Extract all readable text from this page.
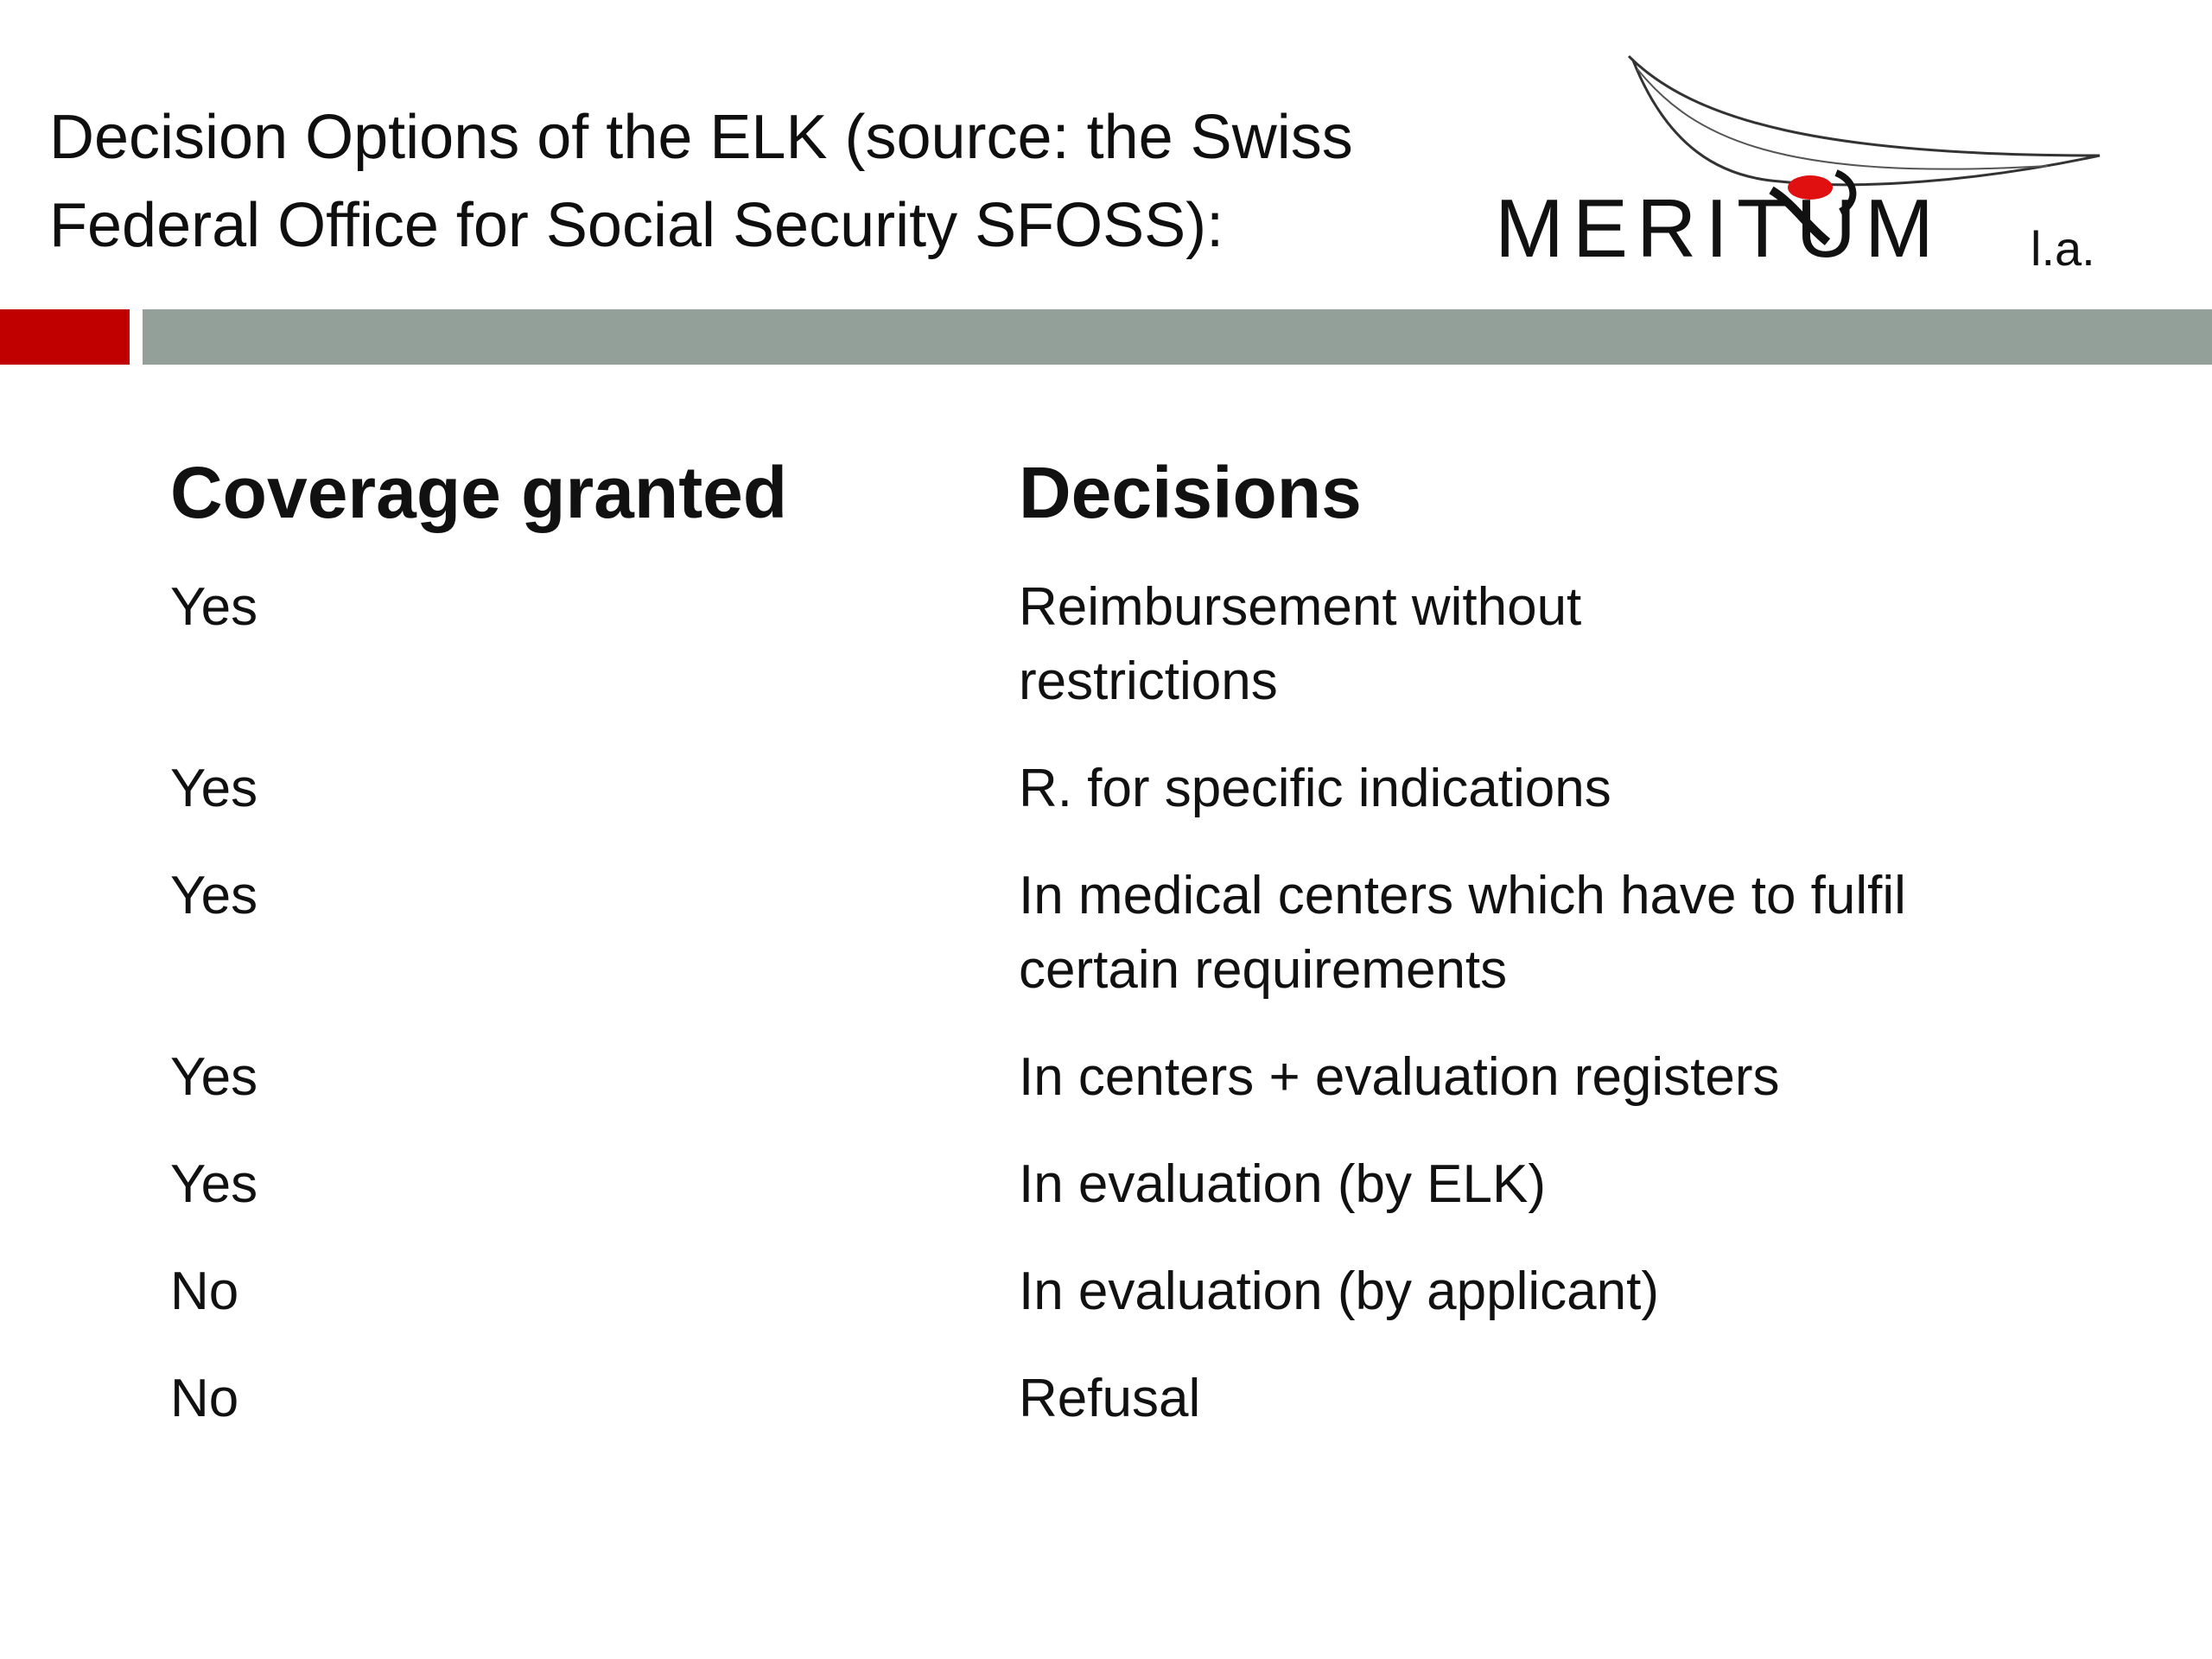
Decision Options of the ELK (source: the Swiss
Federal Office for Social Security SFOSS):	MERITUM l.a.
Coverage granted	Decisions
Yes	Reimbursement without restrictions
Yes	R. for specific indications
Yes	In medical centers which have to fulfil certain requirements
Yes	In centers + evaluation registers
Yes	In evaluation (by ELK)
No	In evaluation (by applicant)
No	Refusal
